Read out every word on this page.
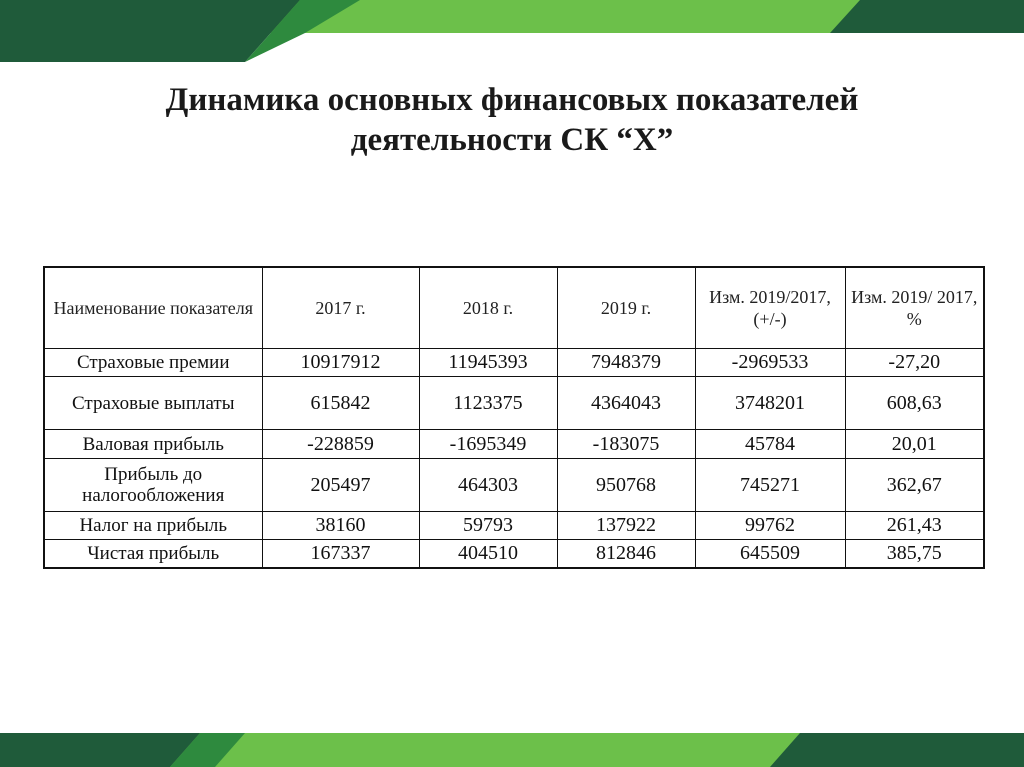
Динамика основных финансовых показателей
деятельности СК “X”
Наименование показателя	2017 г.	2018 г.	2019 г.	Изм. 2019/2017, (+/-)	Изм. 2019/ 2017, %
Страховые премии	10917912	11945393	7948379	-2969533	-27,20
Страховые выплаты	615842	1123375	4364043	3748201	608,63
Валовая прибыль	-228859	-1695349	-183075	45784	20,01
Прибыль до налогообложения	205497	464303	950768	745271	362,67
Налог на прибыль	38160	59793	137922	99762	261,43
Чистая прибыль	167337	404510	812846	645509	385,75
